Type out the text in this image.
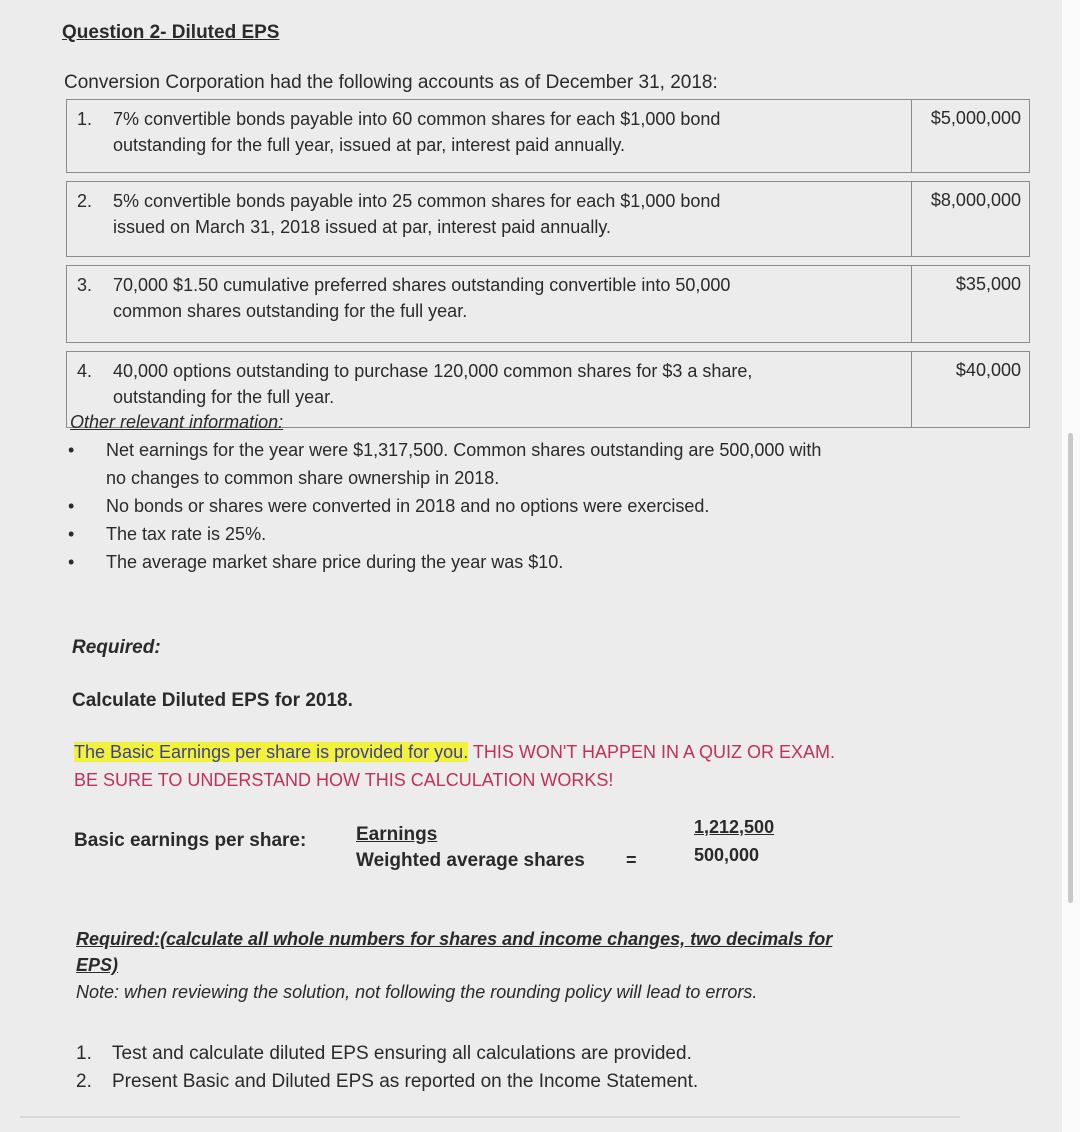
Question 2- Diluted EPS
Conversion Corporation had the following accounts as of December 31, 2018:
1. 7% convertible bonds payable into 60 common shares for each $1,000 bond
outstanding for the full year, issued at par, interest paid annually.	$5,000,000

2. 5% convertible bonds payable into 25 common shares for each $1,000 bond
issued on March 31, 2018 issued at par, interest paid annually.	$8,000,000

3. 70,000 $1.50 cumulative preferred shares outstanding convertible into 50,000
common shares outstanding for the full year.	$35,000

4. 40,000 options outstanding to purchase 120,000 common shares for $3 a share,
outstanding for the full year.	$40,000
Other relevant information:
• Net earnings for the year were $1,317,500. Common shares outstanding are 500,000 with
no changes to common share ownership in 2018.
• No bonds or shares were converted in 2018 and no options were exercised.
• The tax rate is 25%.
• The average market share price during the year was $10.
Required:
Calculate Diluted EPS for 2018.
The Basic Earnings per share is provided for you. THIS WON'T HAPPEN IN A QUIZ OR EXAM.
BE SURE TO UNDERSTAND HOW THIS CALCULATION WORKS!
Basic earnings per share:	Earnings
Weighted average shares =
1,212,500
500,000
Required:(calculate all whole numbers for shares and income changes, two decimals for
EPS)
Note: when reviewing the solution, not following the rounding policy will lead to errors.
1.	Test and calculate diluted EPS ensuring all calculations are provided.
2.	Present Basic and Diluted EPS as reported on the Income Statement.
